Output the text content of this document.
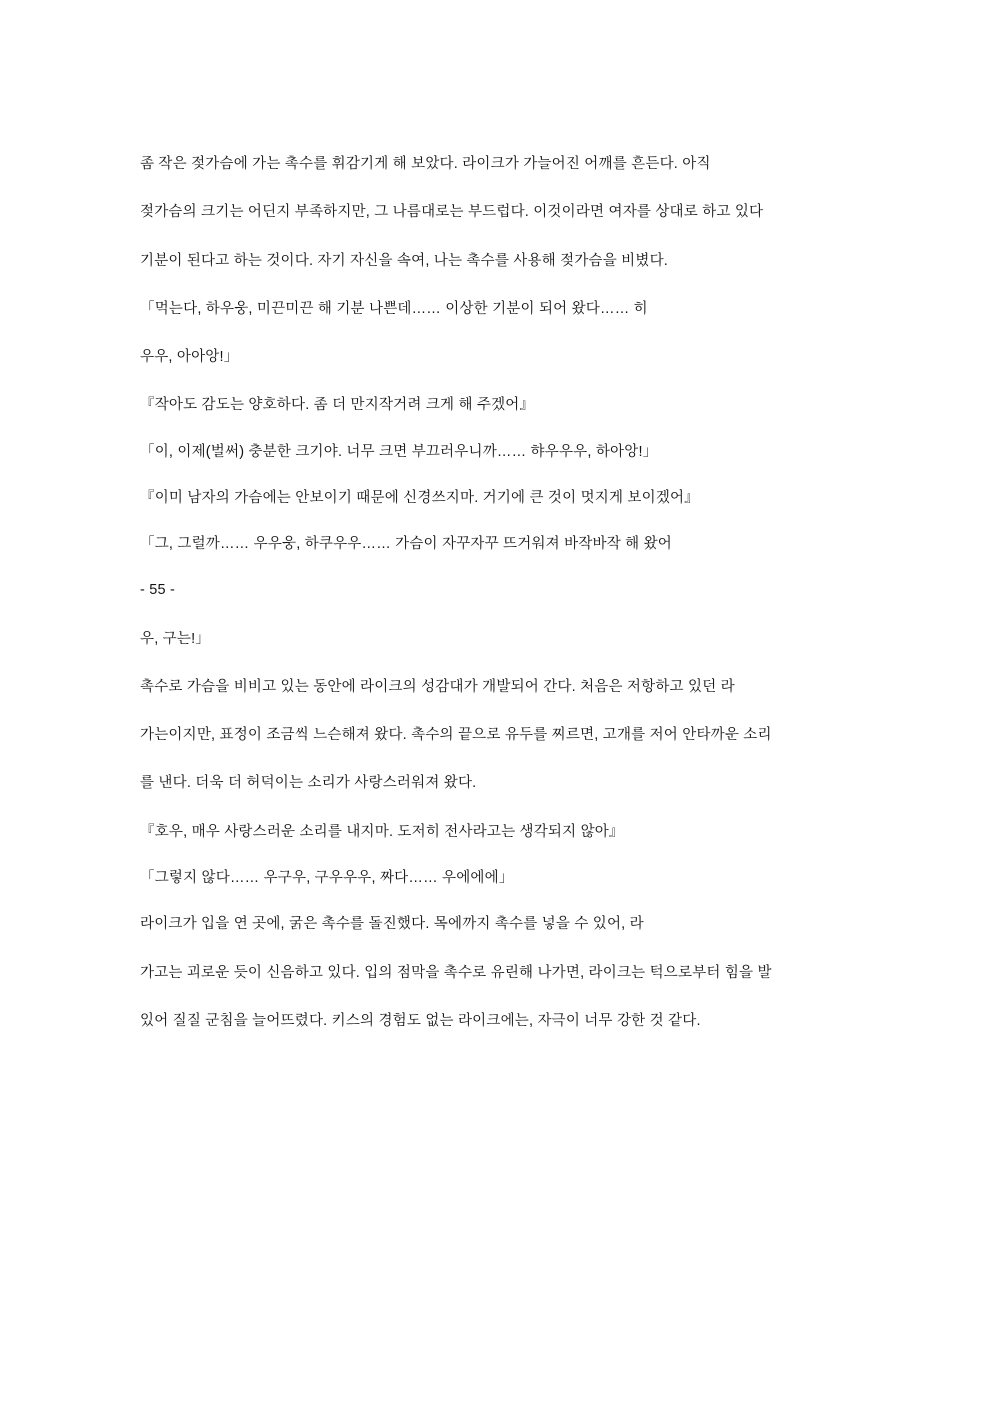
좀 작은 젖가슴에 가는 촉수를 휘감기게 해 보았다. 라이크가 가늘어진 어깨를 흔든다. 아직

젖가슴의 크기는 어딘지 부족하지만, 그 나름대로는 부드럽다. 이것이라면 여자를 상대로 하고 있다

기분이 된다고 하는 것이다. 자기 자신을 속여, 나는 촉수를 사용해 젖가슴을 비볐다.

「먹는다, 하우웅, 미끈미끈 해 기분 나쁜데…… 이상한 기분이 되어 왔다…… 히

우우, 아아앙!」

『작아도 감도는 양호하다. 좀 더 만지작거려 크게 해 주겠어』

「이, 이제(벌써) 충분한 크기야. 너무 크면 부끄러우니까…… 햐우우우, 하아앙!」

『이미 남자의 가슴에는 안보이기 때문에 신경쓰지마. 거기에 큰 것이 멋지게 보이겠어』

「그, 그럴까…… 우우웅, 하쿠우우…… 가슴이 자꾸자꾸 뜨거워져 바작바작 해 왔어

- 55 -

우, 구는!」

촉수로 가슴을 비비고 있는 동안에 라이크의 성감대가 개발되어 간다. 처음은 저항하고 있던 라

가는이지만, 표정이 조금씩 느슨해져 왔다. 촉수의 끝으로 유두를 찌르면, 고개를 저어 안타까운 소리

를 낸다. 더욱 더 허덕이는 소리가 사랑스러워져 왔다.

『호우, 매우 사랑스러운 소리를 내지마. 도저히 전사라고는 생각되지 않아』

「그렇지 않다…… 우구우, 구우우우, 짜다…… 우에에에」

라이크가 입을 연 곳에, 굵은 촉수를 돌진했다. 목에까지 촉수를 넣을 수 있어, 라

가고는 괴로운 듯이 신음하고 있다. 입의 점막을 촉수로 유린해 나가면, 라이크는 턱으로부터 힘을 발

있어 질질 군침을 늘어뜨렸다. 키스의 경험도 없는 라이크에는, 자극이 너무 강한 것 같다.
